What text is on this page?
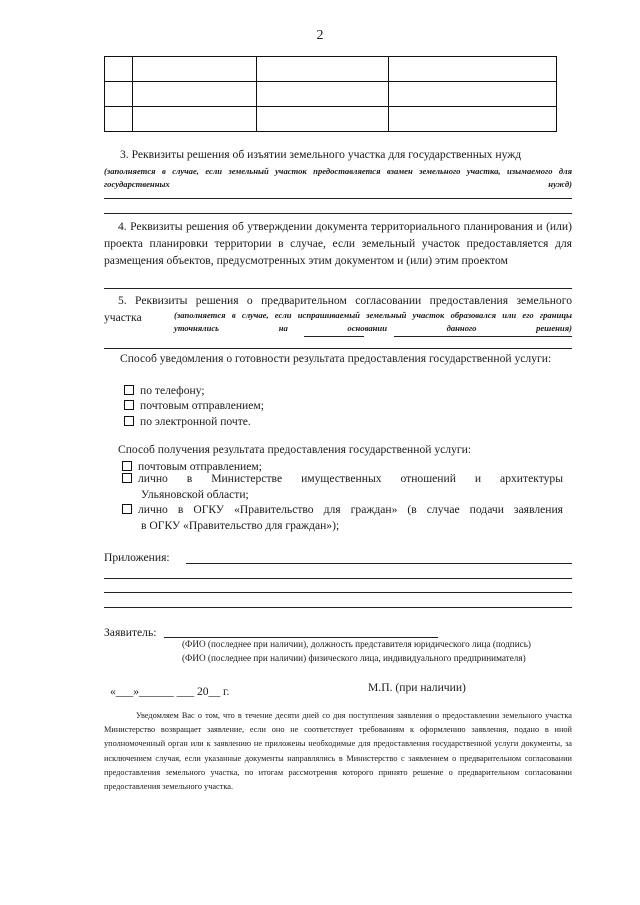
2

3. Реквизиты решения об изъятии земельного участка для государственных нужд
(заполняется в случае, если земельный участок предоставляется взамен земельного участка, изымаемого для государственных нужд)
4. Реквизиты решения об утверждении документа территориального планирования и (или) проекта планировки территории в случае, если земельный участок предоставляется для размещения объектов, предусмотренных этим документом и (или) этим проектом
5. Реквизиты решения о предварительном согласовании предоставления земельного участка	(заполняется в случае, если испрашиваемый земельный участок образовался или его границы уточнялись на основании данного решения)
Способ уведомления о готовности результата предоставления государственной услуги:
по телефону;
почтовым отправлением;
по электронной почте.
Способ получения результата предоставления государственной услуги:
почтовым отправлением;
лично в Министерстве имущественных отношений и архитектуры
Ульяновской области;
лично в ОГКУ «Правительство для граждан» (в случае подачи заявления
в ОГКУ «Правительство для граждан»);
Приложения:
Заявитель:
(ФИО (последнее при наличии), должность представителя юридического лица (подпись)
(ФИО (последнее при наличии) физического лица, индивидуального предпринимателя)
«___»______ ___ 20__ г.	М.П. (при наличии)
Уведомляем Вас о том, что в течение десяти дней со дня поступления заявления о предоставлении земельного участка Министерство возвращает заявление, если оно не соответствует требованиям к оформлению заявления, подано в иной уполномоченный орган или к заявлению не приложены необходимые для предоставления государственной услуги документы, за исключением случая, если указанные документы направлялись в Министерство с заявлением о предварительном согласовании предоставления земельного участка, по итогам рассмотрения которого принято решение о предварительном согласовании предоставления земельного участка.
